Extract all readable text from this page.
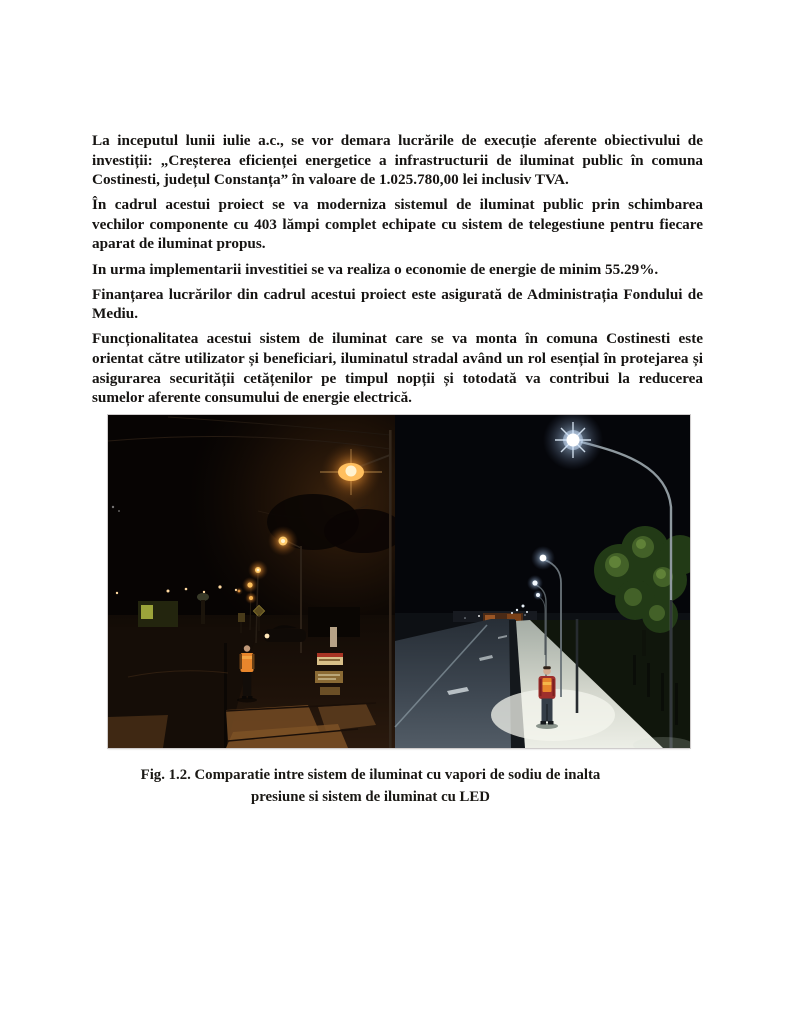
La inceputul lunii iulie a.c., se vor demara lucrările de execuție aferente obiectivului de investiții: „Creșterea eficienței energetice a infrastructurii de iluminat public în comuna Costinesti, județul Constanța” în valoare de 1.025.780,00 lei inclusiv TVA.

În cadrul acestui proiect se va moderniza sistemul de iluminat public prin schimbarea vechilor componente cu 403 lămpi complet echipate cu sistem de telegestiune pentru fiecare aparat de iluminat propus.

In urma implementarii investitiei se va realiza o economie de energie de minim 55.29%.

Finanțarea lucrărilor din cadrul acestui proiect este asigurată de Administrația Fondului de Mediu.

Funcționalitatea acestui sistem de iluminat care se va monta în comuna Costinesti este orientat către utilizator și beneficiari, iluminatul stradal având un rol esențial în protejarea și asigurarea securității cetățenilor pe timpul nopții și totodată va contribui la reducerea sumelor aferente consumului de energie electrică.

Fig. 1.2. Comparatie intre sistem de iluminat cu vapori de sodiu de inalta
presiune si sistem de iluminat cu LED
